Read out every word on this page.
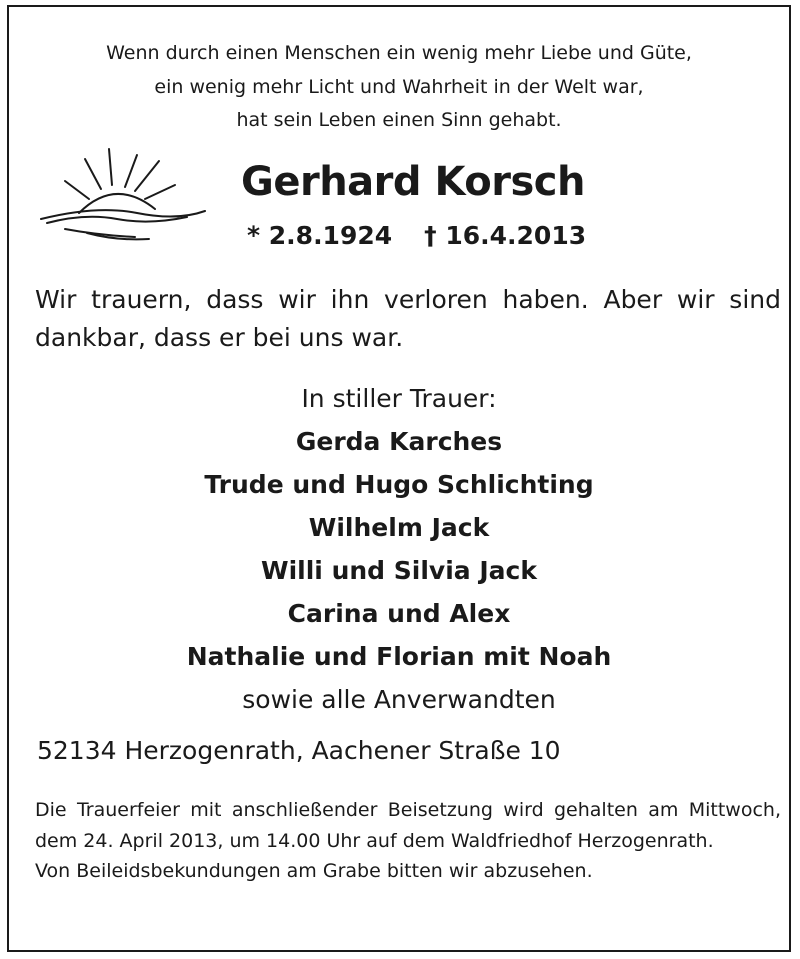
Wenn durch einen Menschen ein wenig mehr Liebe und Güte,
ein wenig mehr Licht und Wahrheit in der Welt war,
hat sein Leben einen Sinn gehabt.
Gerhard Korsch
* 2.8.1924 † 16.4.2013
Wir trauern, dass wir ihn verloren haben. Aber wir sind dankbar, dass er bei uns war.
In stiller Trauer:
Gerda Karches
Trude und Hugo Schlichting
Wilhelm Jack
Willi und Silvia Jack
Carina und Alex
Nathalie und Florian mit Noah
sowie alle Anverwandten
52134 Herzogenrath, Aachener Straße 10

Die Trauerfeier mit anschließender Beisetzung wird gehalten am Mittwoch, dem 24. April 2013, um 14.00 Uhr auf dem Waldfriedhof Herzogenrath.

Von Beileidsbekundungen am Grabe bitten wir abzusehen.
